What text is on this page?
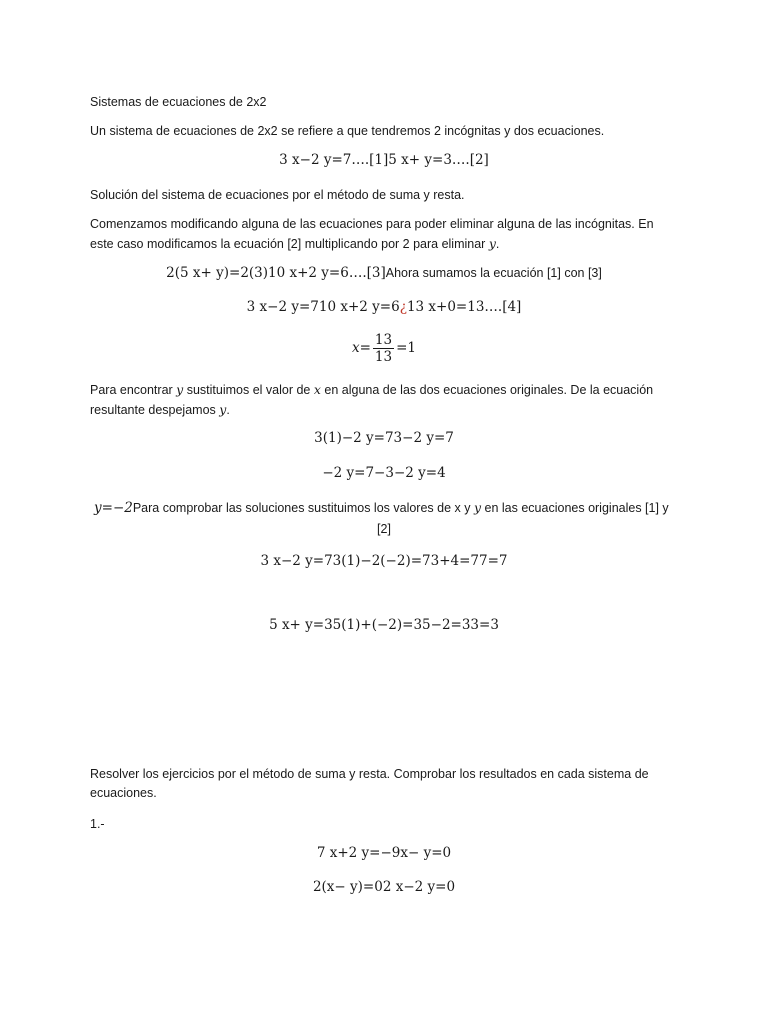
Sistemas de ecuaciones de 2x2

Un sistema de ecuaciones de 2x2 se refiere a que tendremos 2 incógnitas y dos ecuaciones.

3 x−2 y=7….[1]5 x+ y=3….[2]

Solución del sistema de ecuaciones por el método de suma y resta.

Comenzamos modificando alguna de las ecuaciones para poder eliminar alguna de las incógnitas. En este caso modificamos la ecuación [2] multiplicando por 2 para eliminar y.

2(5 x+ y)=2(3)10 x+2 y=6….[3]Ahora sumamos la ecuación [1] con [3]
3 x−2 y=710 x+2 y=6¿13 x+0=13….[4]
$x= \frac{13}{13} =1$

Para encontrar y sustituimos el valor de x en alguna de las dos ecuaciones originales. De la ecuación resultante despejamos y.

3(1)−2 y=73−2 y=7
−2 y=7−3−2 y=4
y=−2Para comprobar las soluciones sustituimos los valores de x y y en las ecuaciones originales [1] y
[2]
3 x−2 y=73(1)−2(−2)=73+4=77=7
5 x+ y=35(1)+(−2)=35−2=33=3

Resolver los ejercicios por el método de suma y resta. Comprobar los resultados en cada sistema de ecuaciones.

1.-

7 x+2 y=−9x− y=0
2(x− y)=02 x−2 y=0
